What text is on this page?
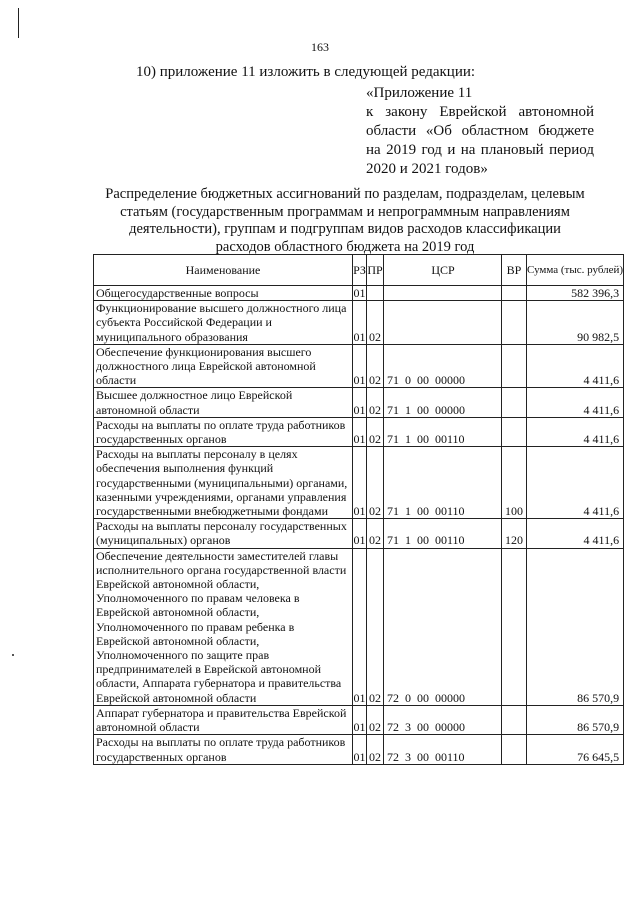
163
10) приложение 11 изложить в следующей редакции:
«Приложение 11
к закону Еврейской автономной области «Об областном бюджете на 2019 год и на плановый период 2020 и 2021 годов»
Распределение бюджетных ассигнований по разделам, подразделам, целевым статьям (государственным программам и непрограммным направлениям деятельности), группам и подгруппам видов расходов классификации расходов областного бюджета на 2019 год
Наименование	РЗ	ПР	ЦСР	ВР	Сумма (тыс. рублей)
Общегосударственные вопросы	01				582 396,3
Функционирование высшего должностного лица субъекта Российской Федерации и муниципального образования	01	02			90 982,5
Обеспечение функционирования высшего должностного лица Еврейской автономной области	01	02	71  0  00  00000		4 411,6
Высшее должностное лицо Еврейской автономной области	01	02	71  1  00  00000		4 411,6
Расходы на выплаты по оплате труда работников государственных органов	01	02	71  1  00  00110		4 411,6
Расходы на выплаты персоналу в целях обеспечения выполнения функций государственными (муниципальными) органами, казенными учреждениями, органами управления государственными внебюджетными фондами	01	02	71  1  00  00110	100	4 411,6
Расходы на выплаты персоналу государственных (муниципальных) органов	01	02	71  1  00  00110	120	4 411,6
Обеспечение деятельности заместителей главы исполнительного органа государственной власти Еврейской автономной области, Уполномоченного по правам человека в Еврейской автономной области, Уполномоченного по правам ребенка в Еврейской автономной области, Уполномоченного по защите прав предпринимателей в Еврейской автономной области, Аппарата губернатора и правительства Еврейской автономной области	01	02	72  0  00  00000		86 570,9
Аппарат губернатора и правительства Еврейской автономной области	01	02	72  3  00  00000		86 570,9
Расходы на выплаты по оплате труда работников государственных органов	01	02	72  3  00  00110		76 645,5
